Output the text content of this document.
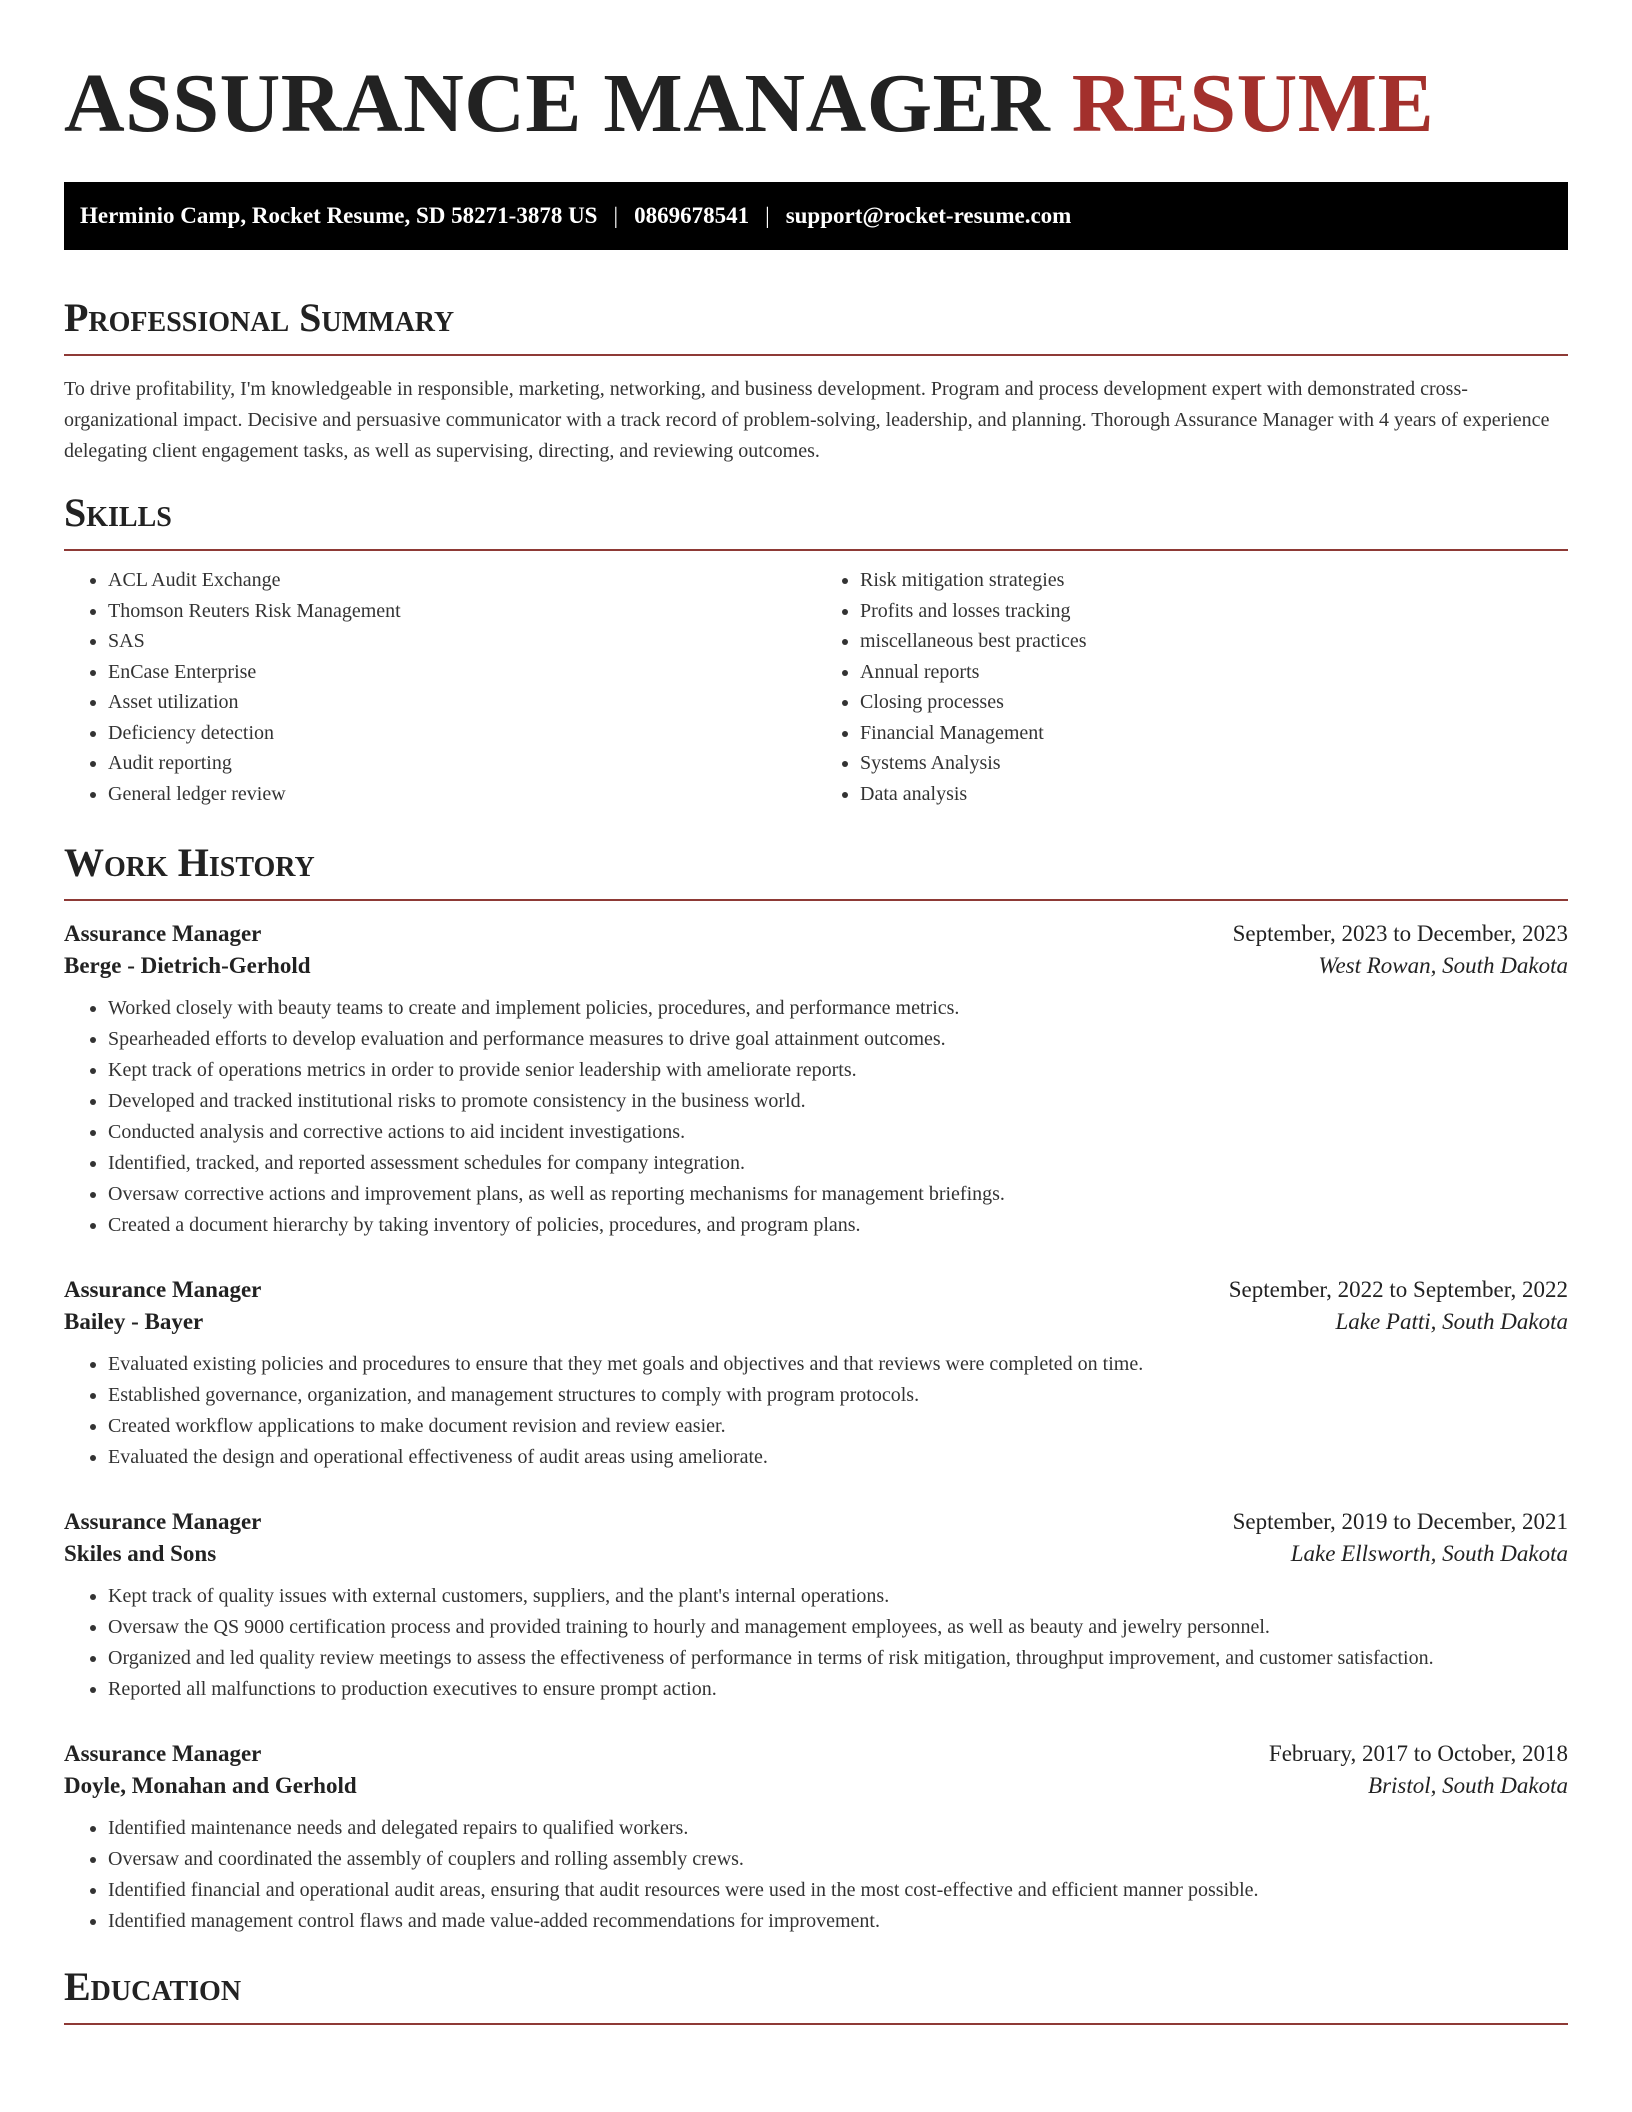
ASSURANCE MANAGER RESUME
Herminio Camp, Rocket Resume, SD 58271-3878 US | 0869678541 | support@rocket-resume.com
Professional Summary

To drive profitability, I'm knowledgeable in responsible, marketing, networking, and business development. Program and process development expert with demonstrated cross-organizational impact. Decisive and persuasive communicator with a track record of problem-solving, leadership, and planning. Thorough Assurance Manager with 4 years of experience delegating client engagement tasks, as well as supervising, directing, and reviewing outcomes.

Skills
• ACL Audit Exchange
• Thomson Reuters Risk Management
• SAS
• EnCase Enterprise
• Asset utilization
• Deficiency detection
• Audit reporting
• General ledger review
• Risk mitigation strategies
• Profits and losses tracking
• miscellaneous best practices
• Annual reports
• Closing processes
• Financial Management
• Systems Analysis
• Data analysis
Work History
Assurance Manager	September, 2023 to December, 2023
Berge - Dietrich-Gerhold	West Rowan, South Dakota
• Worked closely with beauty teams to create and implement policies, procedures, and performance metrics.
• Spearheaded efforts to develop evaluation and performance measures to drive goal attainment outcomes.
• Kept track of operations metrics in order to provide senior leadership with ameliorate reports.
• Developed and tracked institutional risks to promote consistency in the business world.
• Conducted analysis and corrective actions to aid incident investigations.
• Identified, tracked, and reported assessment schedules for company integration.
• Oversaw corrective actions and improvement plans, as well as reporting mechanisms for management briefings.
• Created a document hierarchy by taking inventory of policies, procedures, and program plans.
Assurance Manager	September, 2022 to September, 2022
Bailey - Bayer	Lake Patti, South Dakota
• Evaluated existing policies and procedures to ensure that they met goals and objectives and that reviews were completed on time.
• Established governance, organization, and management structures to comply with program protocols.
• Created workflow applications to make document revision and review easier.
• Evaluated the design and operational effectiveness of audit areas using ameliorate.
Assurance Manager	September, 2019 to December, 2021
Skiles and Sons	Lake Ellsworth, South Dakota
• Kept track of quality issues with external customers, suppliers, and the plant's internal operations.
• Oversaw the QS 9000 certification process and provided training to hourly and management employees, as well as beauty and jewelry personnel.
• Organized and led quality review meetings to assess the effectiveness of performance in terms of risk mitigation, throughput improvement, and customer satisfaction.
• Reported all malfunctions to production executives to ensure prompt action.
Assurance Manager	February, 2017 to October, 2018
Doyle, Monahan and Gerhold	Bristol, South Dakota
• Identified maintenance needs and delegated repairs to qualified workers.
• Oversaw and coordinated the assembly of couplers and rolling assembly crews.
• Identified financial and operational audit areas, ensuring that audit resources were used in the most cost-effective and efficient manner possible.
• Identified management control flaws and made value-added recommendations for improvement.
Education
